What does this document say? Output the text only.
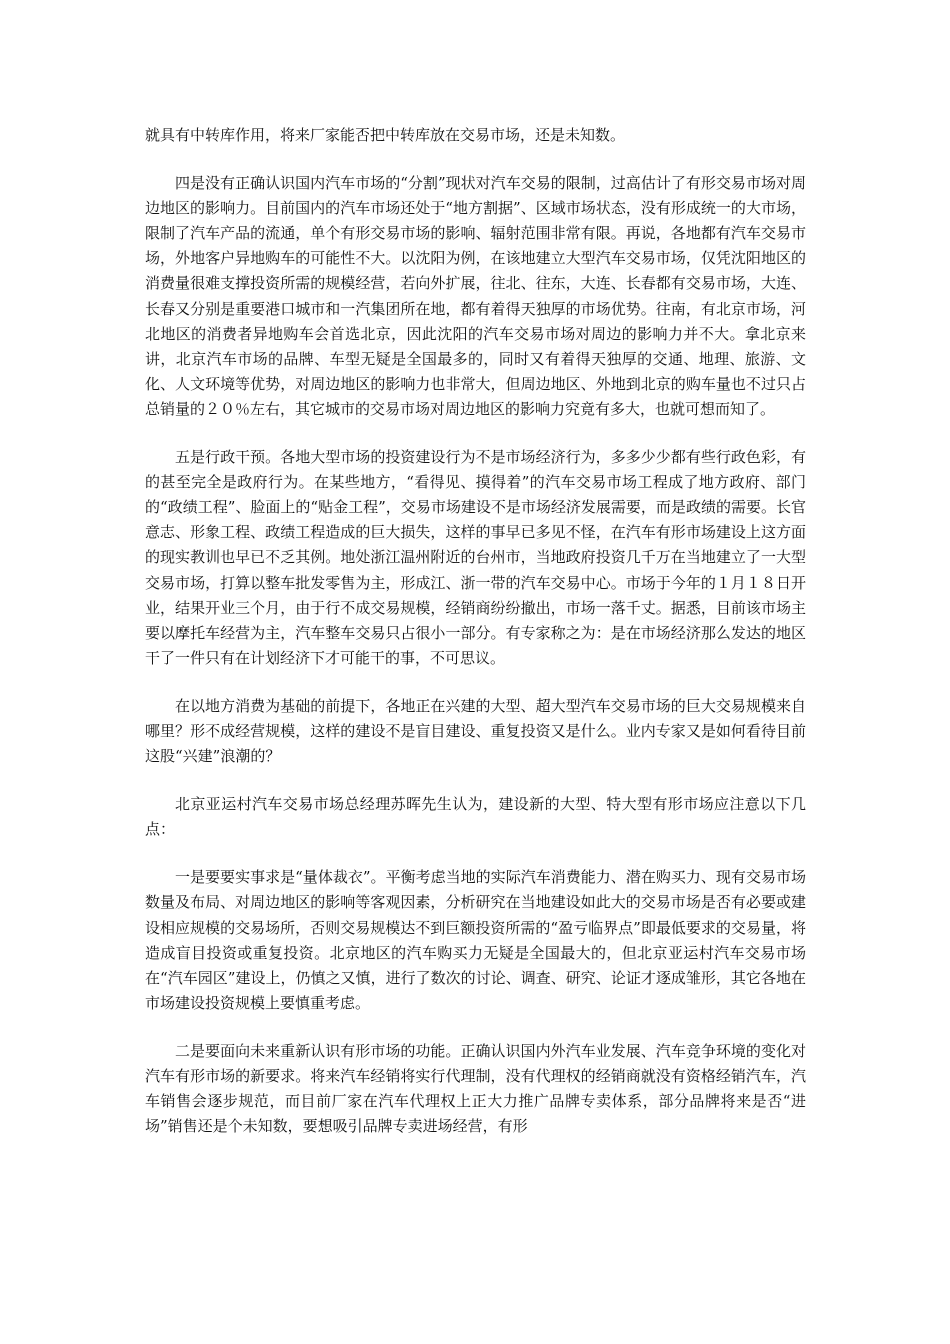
就具有中转库作用，将来厂家能否把中转库放在交易市场，还是未知数。

四是没有正确认识国内汽车市场的“分割”现状对汽车交易的限制，过高估计了有形交易市场对周边地区的影响力。目前国内的汽车市场还处于“地方割据”、区域市场状态，没有形成统一的大市场，限制了汽车产品的流通，单个有形交易市场的影响、辐射范围非常有限。再说，各地都有汽车交易市场，外地客户异地购车的可能性不大。以沈阳为例，在该地建立大型汽车交易市场，仅凭沈阳地区的消费量很难支撑投资所需的规模经营，若向外扩展，往北、往东，大连、长春都有交易市场，大连、长春又分别是重要港口城市和一汽集团所在地，都有着得天独厚的市场优势。往南，有北京市场，河北地区的消费者异地购车会首选北京，因此沈阳的汽车交易市场对周边的影响力并不大。拿北京来讲，北京汽车市场的品牌、车型无疑是全国最多的，同时又有着得天独厚的交通、地理、旅游、文化、人文环境等优势，对周边地区的影响力也非常大，但周边地区、外地到北京的购车量也不过只占总销量的２０％左右，其它城市的交易市场对周边地区的影响力究竟有多大，也就可想而知了。

五是行政干预。各地大型市场的投资建设行为不是市场经济行为，多多少少都有些行政色彩，有的甚至完全是政府行为。在某些地方，“看得见、摸得着”的汽车交易市场工程成了地方政府、部门的“政绩工程”、脸面上的“贴金工程”，交易市场建设不是市场经济发展需要，而是政绩的需要。长官意志、形象工程、政绩工程造成的巨大损失，这样的事早已多见不怪，在汽车有形市场建设上这方面的现实教训也早已不乏其例。地处浙江温州附近的台州市，当地政府投资几千万在当地建立了一大型交易市场，打算以整车批发零售为主，形成江、浙一带的汽车交易中心。市场于今年的１月１８日开业，结果开业三个月，由于行不成交易规模，经销商纷纷撤出，市场一落千丈。据悉，目前该市场主要以摩托车经营为主，汽车整车交易只占很小一部分。有专家称之为：是在市场经济那么发达的地区干了一件只有在计划经济下才可能干的事，不可思议。

在以地方消费为基础的前提下，各地正在兴建的大型、超大型汽车交易市场的巨大交易规模来自哪里？形不成经营规模，这样的建设不是盲目建设、重复投资又是什么。业内专家又是如何看待目前这股“兴建”浪潮的？

北京亚运村汽车交易市场总经理苏晖先生认为，建设新的大型、特大型有形市场应注意以下几点：

一是要要实事求是“量体裁衣”。平衡考虑当地的实际汽车消费能力、潜在购买力、现有交易市场数量及布局、对周边地区的影响等客观因素，分析研究在当地建设如此大的交易市场是否有必要或建设相应规模的交易场所，否则交易规模达不到巨额投资所需的“盈亏临界点”即最低要求的交易量，将造成盲目投资或重复投资。北京地区的汽车购买力无疑是全国最大的，但北京亚运村汽车交易市场在“汽车园区”建设上，仍慎之又慎，进行了数次的讨论、调查、研究、论证才逐成雏形，其它各地在市场建设投资规模上要慎重考虑。

二是要面向未来重新认识有形市场的功能。正确认识国内外汽车业发展、汽车竞争环境的变化对汽车有形市场的新要求。将来汽车经销将实行代理制，没有代理权的经销商就没有资格经销汽车，汽车销售会逐步规范，而目前厂家在汽车代理权上正大力推广品牌专卖体系，部分品牌将来是否“进场”销售还是个未知数，要想吸引品牌专卖进场经营，有形
